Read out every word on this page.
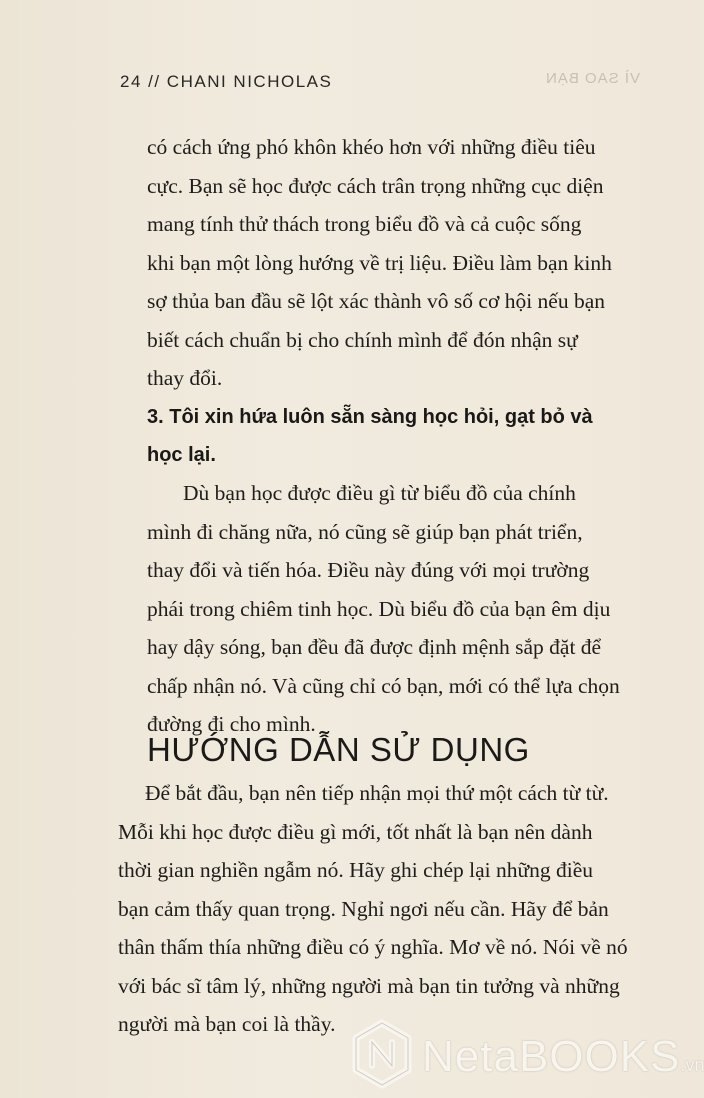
24 // CHANI NICHOLAS	VÌ SAO BẠN
có cách ứng phó khôn khéo hơn với những điều tiêu
cực. Bạn sẽ học được cách trân trọng những cục diện
mang tính thử thách trong biểu đồ và cả cuộc sống
khi bạn một lòng hướng về trị liệu. Điều làm bạn kinh
sợ thủa ban đầu sẽ lột xác thành vô số cơ hội nếu bạn
biết cách chuẩn bị cho chính mình để đón nhận sự
thay đổi.
3. Tôi xin hứa luôn sẵn sàng học hỏi, gạt bỏ và
học lại.
Dù bạn học được điều gì từ biểu đồ của chính
mình đi chăng nữa, nó cũng sẽ giúp bạn phát triển,
thay đổi và tiến hóa. Điều này đúng với mọi trường
phái trong chiêm tinh học. Dù biểu đồ của bạn êm dịu
hay dậy sóng, bạn đều đã được định mệnh sắp đặt để
chấp nhận nó. Và cũng chỉ có bạn, mới có thể lựa chọn
đường đi cho mình.
HƯỚNG DẪN SỬ DỤNG
Để bắt đầu, bạn nên tiếp nhận mọi thứ một cách từ từ.
Mỗi khi học được điều gì mới, tốt nhất là bạn nên dành
thời gian nghiền ngẫm nó. Hãy ghi chép lại những điều
bạn cảm thấy quan trọng. Nghỉ ngơi nếu cần. Hãy để bản
thân thấm thía những điều có ý nghĩa. Mơ về nó. Nói về nó
với bác sĩ tâm lý, những người mà bạn tin tưởng và những
người mà bạn coi là thầy.
NetaBOOKS.vn
